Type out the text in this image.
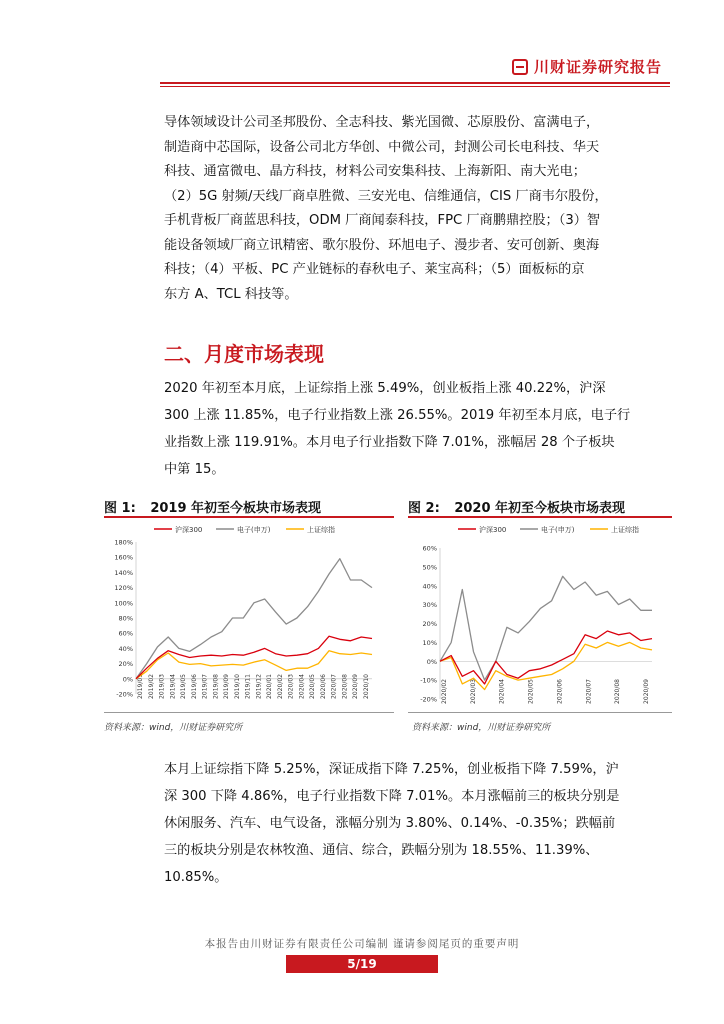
川财证券研究报告

导体领域设计公司圣邦股份、全志科技、紫光国微、芯原股份、富满电子，
制造商中芯国际，设备公司北方华创、中微公司，封测公司长电科技、华天
科技、通富微电、晶方科技，材料公司安集科技、上海新阳、南大光电；
（2）5G 射频/天线厂商卓胜微、三安光电、信维通信，CIS 厂商韦尔股份，
手机背板厂商蓝思科技，ODM 厂商闻泰科技，FPC 厂商鹏鼎控股；（3）智
能设备领域厂商立讯精密、歌尔股份、环旭电子、漫步者、安可创新、奥海
科技；（4）平板、PC 产业链标的春秋电子、莱宝高科；（5）面板标的京
东方 A、TCL 科技等。

二、月度市场表现

2020 年初至本月底，上证综指上涨 5.49%，创业板指上涨 40.22%，沪深
300 上涨 11.85%，电子行业指数上涨 26.55%。2019 年初至本月底，电子行
业指数上涨 119.91%。本月电子行业指数下降 7.01%，涨幅居 28 个子板块
中第 15。

图 1: 2019 年初至今板块市场表现
沪深300	电子(申万)	上证综指
180%
160%
140%
120%
100%
80%
60%
40%
20%
0%
-20% 2019/01 2019/02 2019/03 2019/04 2019/05 2019/06 2019/07 2019/08 2019/09 2019/10 2019/11 2019/12 2020/01 2020/02 2020/03 2020/04 2020/05 2020/06 2020/07 2020/08 2020/09 2020/10
资料来源：wind，川财证券研究所
图 2: 2020 年初至今板块市场表现
沪深300	电子(申万)	上证综指
60%
50%
40%
30%
20%
10%
0%
-10%
-20% 2020/02	2020/03	2020/04	2020/05	2020/06	2020/07	2020/08	2020/09
资料来源：wind，川财证券研究所

本月上证综指下降 5.25%，深证成指下降 7.25%，创业板指下降 7.59%，沪
深 300 下降 4.86%，电子行业指数下降 7.01%。本月涨幅前三的板块分别是
休闲服务、汽车、电气设备，涨幅分别为 3.80%、0.14%、-0.35%；跌幅前
三的板块分别是农林牧渔、通信、综合，跌幅分别为 18.55%、11.39%、
10.85%。

本报告由川财证券有限责任公司编制 谨请参阅尾页的重要声明
5/19
